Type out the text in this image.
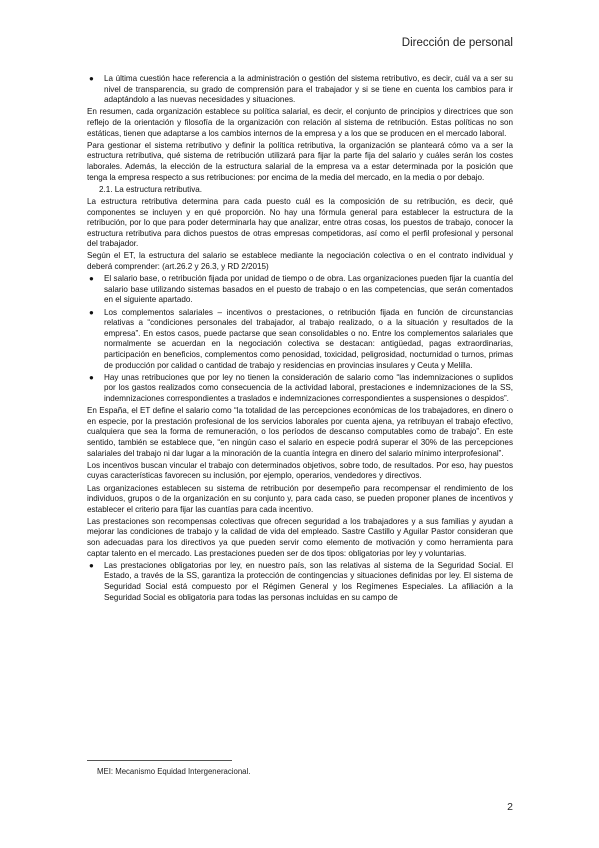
Dirección de personal
● La última cuestión hace referencia a la administración o gestión del sistema retributivo, es decir, cuál va a ser su nivel de transparencia, su grado de comprensión para el trabajador y si se tiene en cuenta los cambios para ir adaptándolo a las nuevas necesidades y situaciones.

En resumen, cada organización establece su política salarial, es decir, el conjunto de principios y directrices que son reflejo de la orientación y filosofía de la organización con relación al sistema de retribución. Estas políticas no son estáticas, tienen que adaptarse a los cambios internos de la empresa y a los que se producen en el mercado laboral.

Para gestionar el sistema retributivo y definir la política retributiva, la organización se planteará cómo va a ser la estructura retributiva, qué sistema de retribución utilizará para fijar la parte fija del salario y cuáles serán los costes laborales. Además, la elección de la estructura salarial de la empresa va a estar determinada por la posición que tenga la empresa respecto a sus retribuciones: por encima de la media del mercado, en la media o por debajo.

2.1. La estructura retributiva.

La estructura retributiva determina para cada puesto cuál es la composición de su retribución, es decir, qué componentes se incluyen y en qué proporción. No hay una fórmula general para establecer la estructura de la retribución, por lo que para poder determinarla hay que analizar, entre otras cosas, los puestos de trabajo, conocer la estructura retributiva para dichos puestos de otras empresas competidoras, así como el perfil profesional y personal del trabajador.

Según el ET, la estructura del salario se establece mediante la negociación colectiva o en el contrato individual y deberá comprender: (art.26.2 y 26.3, y RD 2/2015)

● El salario base, o retribución fijada por unidad de tiempo o de obra. Las organizaciones pueden fijar la cuantía del salario base utilizando sistemas basados en el puesto de trabajo o en las competencias, que serán comentados en el siguiente apartado.
● Los complementos salariales – incentivos o prestaciones, o retribución fijada en función de circunstancias relativas a “condiciones personales del trabajador, al trabajo realizado, o a la situación y resultados de la empresa”. En estos casos, puede pactarse que sean consolidables o no. Entre los complementos salariales que normalmente se acuerdan en la negociación colectiva se destacan: antigüedad, pagas extraordinarias, participación en beneficios, complementos como penosidad, toxicidad, peligrosidad, nocturnidad o turnos, primas de producción por calidad o cantidad de trabajo y residencias en provincias insulares y Ceuta y Melilla.
● Hay unas retribuciones que por ley no tienen la consideración de salario como “las indemnizaciones o suplidos por los gastos realizados como consecuencia de la actividad laboral, prestaciones e indemnizaciones de la SS, indemnizaciones correspondientes a traslados e indemnizaciones correspondientes a suspensiones o despidos”.

En España, el ET define el salario como “la totalidad de las percepciones económicas de los trabajadores, en dinero o en especie, por la prestación profesional de los servicios laborales por cuenta ajena, ya retribuyan el trabajo efectivo, cualquiera que sea la forma de remuneración, o los períodos de descanso computables como de trabajo”. En este sentido, también se establece que, “en ningún caso el salario en especie podrá superar el 30% de las percepciones salariales del trabajo ni dar lugar a la minoración de la cuantía íntegra en dinero del salario mínimo interprofesional”.

Los incentivos buscan vincular el trabajo con determinados objetivos, sobre todo, de resultados. Por eso, hay puestos cuyas características favorecen su inclusión, por ejemplo, operarios, vendedores y directivos.

Las organizaciones establecen su sistema de retribución por desempeño para recompensar el rendimiento de los individuos, grupos o de la organización en su conjunto y, para cada caso, se pueden proponer planes de incentivos y establecer el criterio para fijar las cuantías para cada incentivo.

Las prestaciones son recompensas colectivas que ofrecen seguridad a los trabajadores y a sus familias y ayudan a mejorar las condiciones de trabajo y la calidad de vida del empleado. Sastre Castillo y Aguilar Pastor consideran que son adecuadas para los directivos ya que pueden servir como elemento de motivación y como herramienta para captar talento en el mercado. Las prestaciones pueden ser de dos tipos: obligatorias por ley y voluntarias.

● Las prestaciones obligatorias por ley, en nuestro país, son las relativas al sistema de la Seguridad Social. El Estado, a través de la SS, garantiza la protección de contingencias y situaciones definidas por ley. El sistema de Seguridad Social está compuesto por el Régimen General y los Regímenes Especiales. La afiliación a la Seguridad Social es obligatoria para todas las personas incluidas en su campo de
MEI: Mecanismo Equidad Intergeneracional.
2
